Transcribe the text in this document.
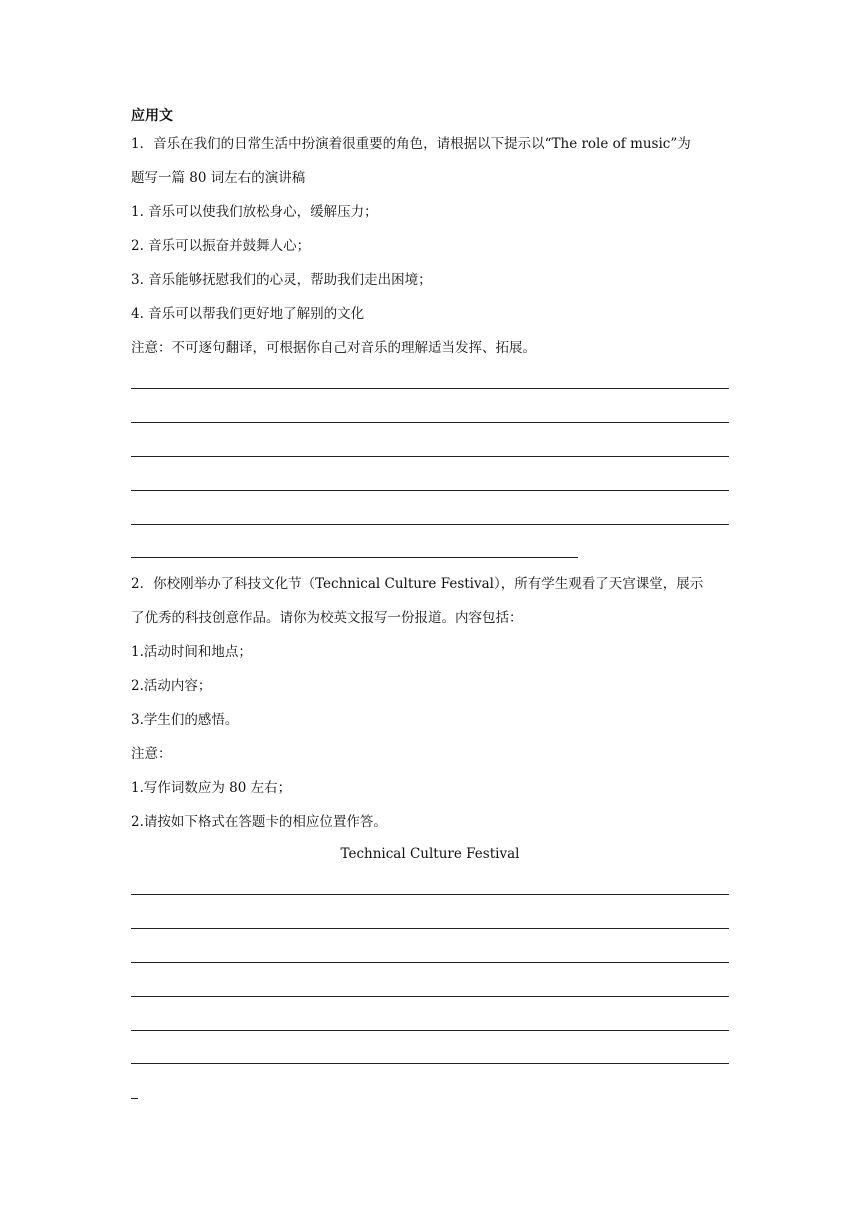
应用文
1．音乐在我们的日常生活中扮演着很重要的角色，请根据以下提示以“The role of music”为
题写一篇 80 词左右的演讲稿
1. 音乐可以使我们放松身心，缓解压力；
2. 音乐可以振奋并鼓舞人心；
3. 音乐能够抚慰我们的心灵，帮助我们走出困境；
4. 音乐可以帮我们更好地了解别的文化
注意：不可逐句翻译，可根据你自己对音乐的理解适当发挥、拓展。
2．你校刚举办了科技文化节（Technical Culture Festival），所有学生观看了天宫课堂，展示
了优秀的科技创意作品。请你为校英文报写一份报道。内容包括：
1.活动时间和地点；
2.活动内容；
3.学生们的感悟。
注意：
1.写作词数应为 80 左右；
2.请按如下格式在答题卡的相应位置作答。
Technical Culture Festival
